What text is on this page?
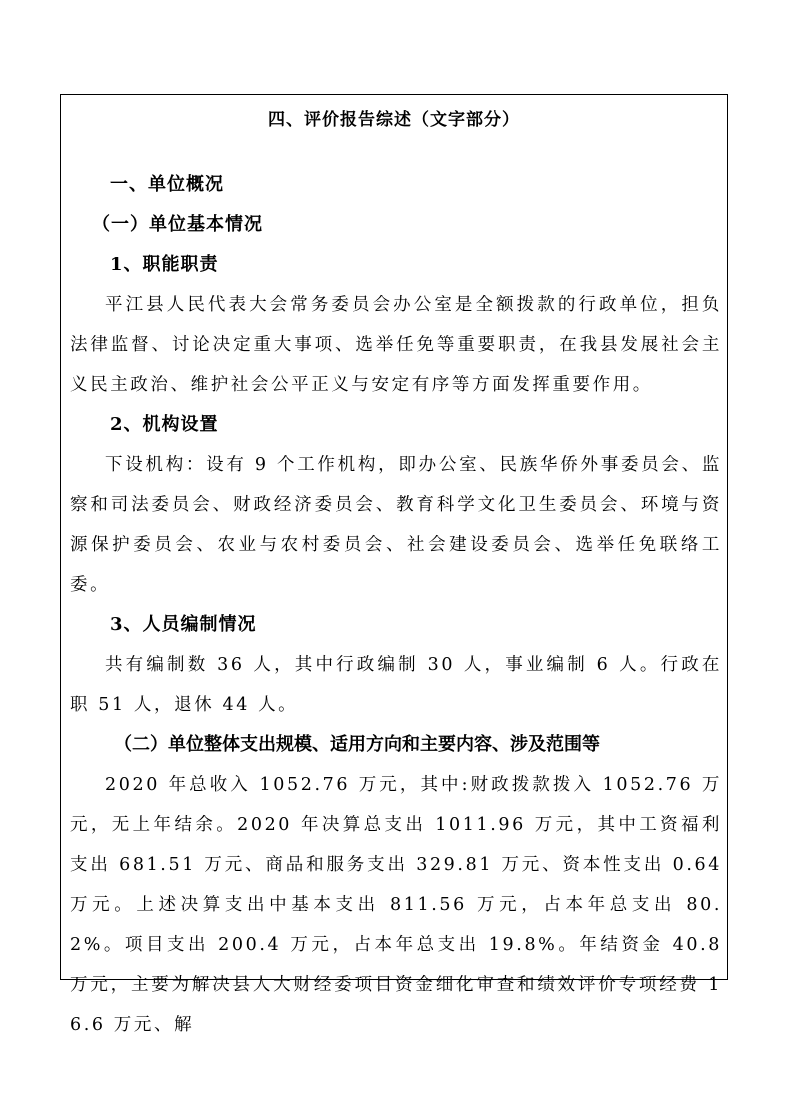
四、评价报告综述（文字部分）
一、单位概况
（一）单位基本情况
1、职能职责

平江县人民代表大会常务委员会办公室是全额拨款的行政单位，担负法律监督、讨论决定重大事项、选举任免等重要职责，在我县发展社会主义民主政治、维护社会公平正义与安定有序等方面发挥重要作用。

2、机构设置

下设机构：设有 9 个工作机构，即办公室、民族华侨外事委员会、监察和司法委员会、财政经济委员会、教育科学文化卫生委员会、环境与资源保护委员会、农业与农村委员会、社会建设委员会、选举任免联络工委。

3、人员编制情况

共有编制数 36 人，其中行政编制 30 人，事业编制 6 人。行政在职 51 人，退休 44 人。

（二）单位整体支出规模、适用方向和主要内容、涉及范围等

2020 年总收入 1052.76 万元，其中:财政拨款拨入 1052.76 万元，无上年结余。2020 年决算总支出 1011.96 万元，其中工资福利支出 681.51 万元、商品和服务支出 329.81 万元、资本性支出 0.64 万元。上述决算支出中基本支出 811.56 万元，占本年总支出 80.2%。项目支出 200.4 万元，占本年总支出 19.8%。年结资金 40.8 万元，主要为解决县人大财经委项目资金细化审查和绩效评价专项经费 16.6 万元、解
